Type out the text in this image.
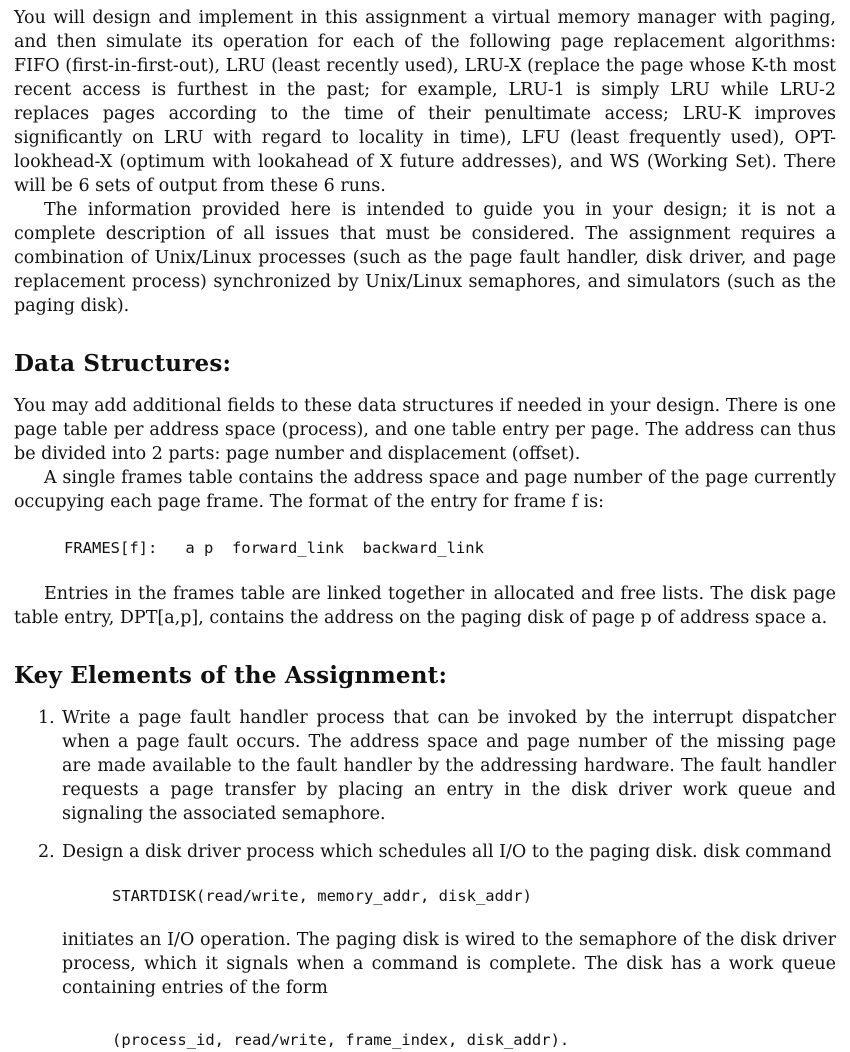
You will design and implement in this assignment a virtual memory manager with paging, and then simulate its operation for each of the following page replacement algorithms: FIFO (first-in-first-out), LRU (least recently used), LRU-X (replace the page whose K-th most recent access is furthest in the past; for example, LRU-1 is simply LRU while LRU-2 replaces pages according to the time of their penultimate access; LRU-K improves significantly on LRU with regard to locality in time), LFU (least frequently used), OPT-lookhead-X (optimum with lookahead of X future addresses), and WS (Working Set). There will be 6 sets of output from these 6 runs.

The information provided here is intended to guide you in your design; it is not a complete description of all issues that must be considered. The assignment requires a combination of Unix/Linux processes (such as the page fault handler, disk driver, and page replacement process) synchronized by Unix/Linux semaphores, and simulators (such as the paging disk).

Data Structures:

You may add additional fields to these data structures if needed in your design. There is one page table per address space (process), and one table entry per page. The address can thus be divided into 2 parts: page number and displacement (offset).

A single frames table contains the address space and page number of the page currently occupying each page frame. The format of the entry for frame f is:

FRAMES[f]:   a p  forward_link  backward_link

Entries in the frames table are linked together in allocated and free lists. The disk page table entry, DPT[a,p], contains the address on the paging disk of page p of address space a.

Key Elements of the Assignment:
1. Write a page fault handler process that can be invoked by the interrupt dispatcher when a page fault occurs. The address space and page number of the missing page are made available to the fault handler by the addressing hardware. The fault handler requests a page transfer by placing an entry in the disk driver work queue and signaling the associated semaphore.

2. Design a disk driver process which schedules all I/O to the paging disk. disk command

STARTDISK(read/write, memory_addr, disk_addr)

initiates an I/O operation. The paging disk is wired to the semaphore of the disk driver process, which it signals when a command is complete. The disk has a work queue containing entries of the form

(process_id, read/write, frame_index, disk_addr).
